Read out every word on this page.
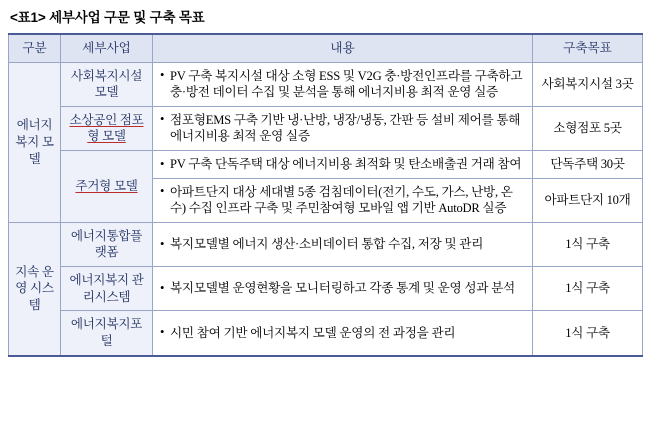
<표1> 세부사업 구문 및 구축 목표
구분	세부사업	내용	구축목표
에너지 복지 모델	사회복지시설 모델	• PV 구축 복지시설 대상 소형 ESS 및 V2G 충·방전인프라를 구축하고 충·방전 데이터 수집 및 분석을 통해 에너지비용 최적 운영 실증	사회복지시설 3곳
	소상공인 점포형 모델	• 점포형EMS 구축 기반 냉·난방, 냉장/냉동, 간판 등 설비 제어를 통해 에너지비용 최적 운영 실증	소형점포 5곳
	주거형 모델	• PV 구축 단독주택 대상 에너지비용 최적화 및 탄소배출권 거래 참여	단독주택 30곳

		• 아파트단지 대상 세대별 5종 검침데이터(전기, 수도, 가스, 난방, 온수) 수집 인프라 구축 및 주민참여형 모바일 앱 기반 AutoDR 실증	아파트단지 10개
지속 운영 시스템	에너지통합플랫폼	• 복지모델별 에너지 생산·소비데이터 통합 수집, 저장 및 관리	1식 구축
	에너지복지 관리시스템	• 복지모델별 운영현황을 모니터링하고 각종 통계 및 운영 성과 분석	1식 구축
	에너지복지포털	• 시민 참여 기반 에너지복지 모델 운영의 전 과정을 관리	1식 구축
